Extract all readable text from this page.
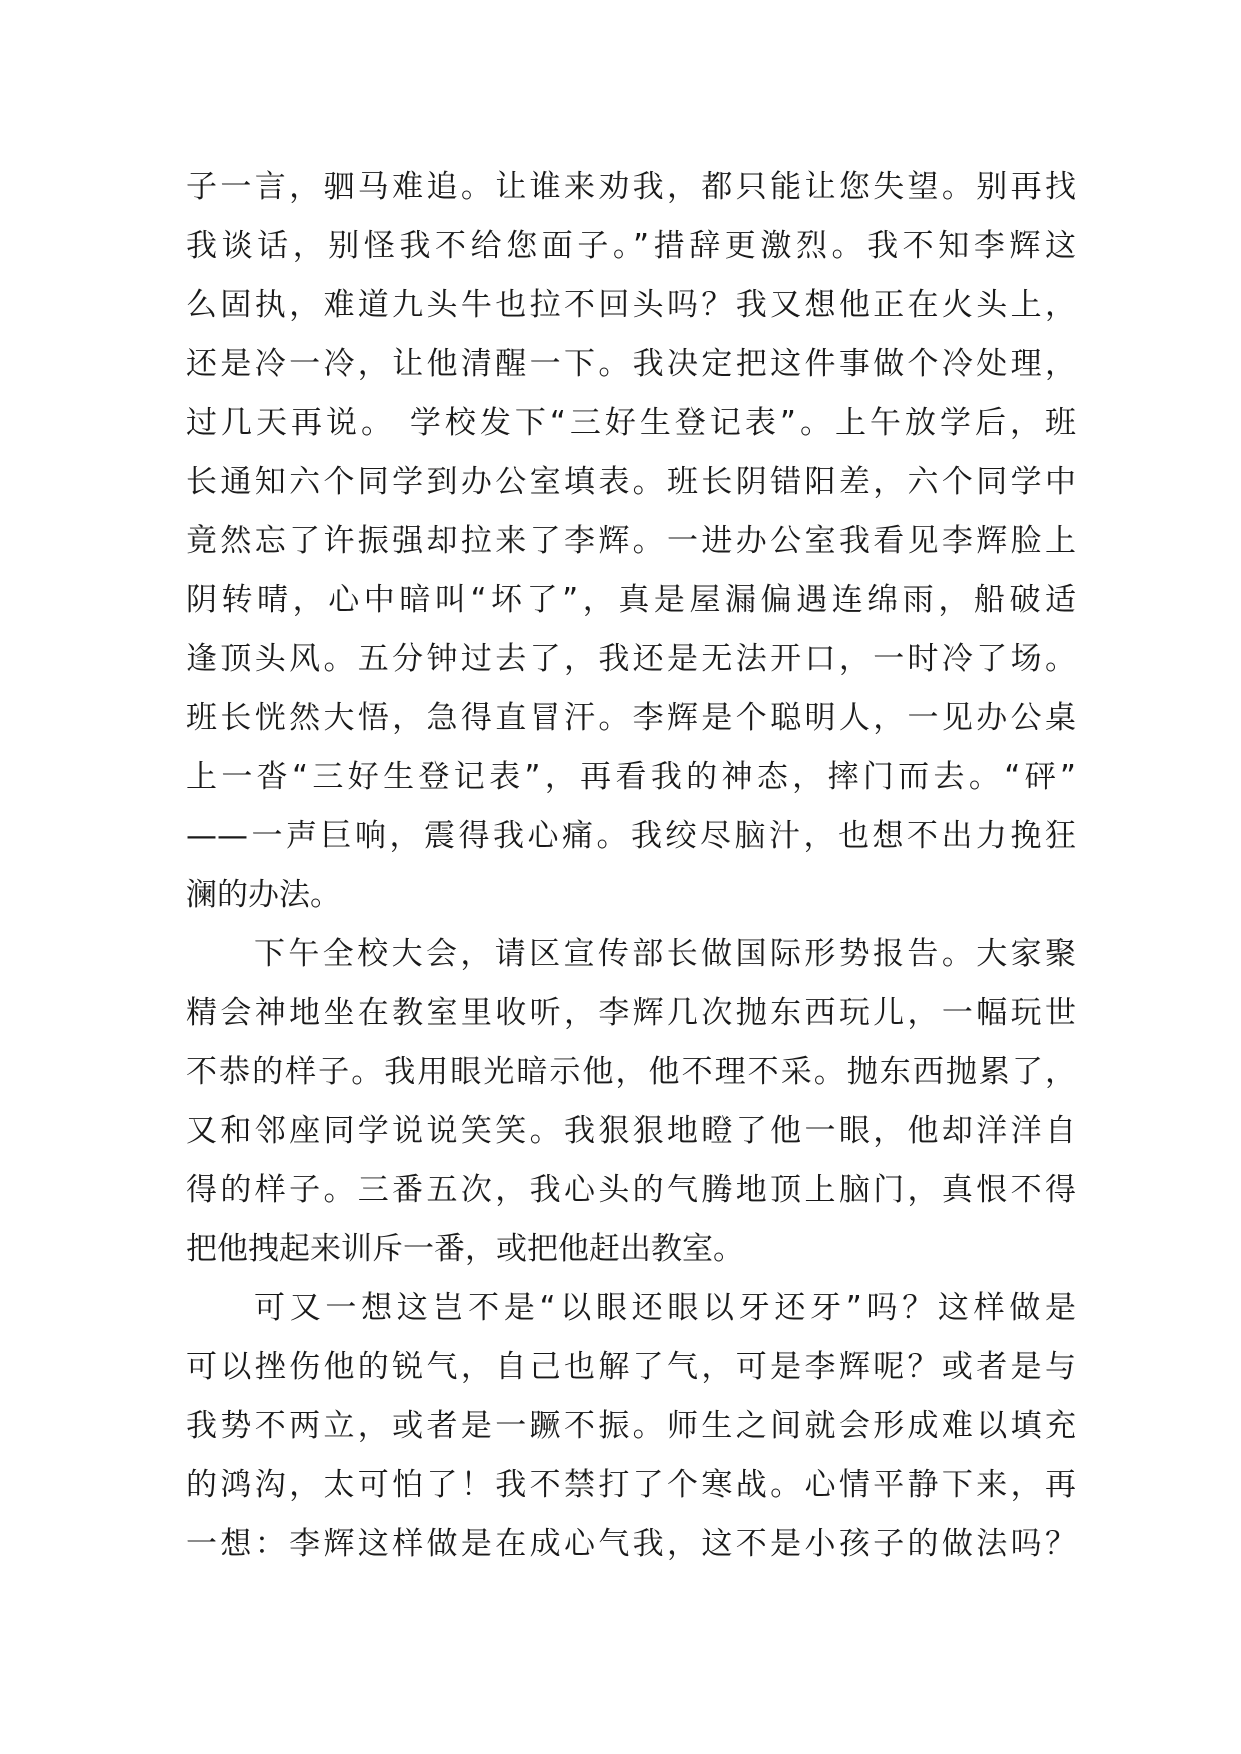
子一言，驷马难追。让谁来劝我，都只能让您失望。别再找
我谈话，别怪我不给您面子。”措辞更激烈。我不知李辉这
么固执，难道九头牛也拉不回头吗？我又想他正在火头上，
还是冷一冷，让他清醒一下。我决定把这件事做个冷处理，
过几天再说。 学校发下“三好生登记表”。上午放学后，班
长通知六个同学到办公室填表。班长阴错阳差，六个同学中
竟然忘了许振强却拉来了李辉。一进办公室我看见李辉脸上
阴转晴，心中暗叫“坏了”，真是屋漏偏遇连绵雨，船破适
逢顶头风。五分钟过去了，我还是无法开口，一时冷了场。
班长恍然大悟，急得直冒汗。李辉是个聪明人，一见办公桌
上一沓“三好生登记表”，再看我的神态，摔门而去。“砰”
——一声巨响，震得我心痛。我绞尽脑汁，也想不出力挽狂
澜的办法。
下午全校大会，请区宣传部长做国际形势报告。大家聚
精会神地坐在教室里收听，李辉几次抛东西玩儿，一幅玩世
不恭的样子。我用眼光暗示他，他不理不采。抛东西抛累了，
又和邻座同学说说笑笑。我狠狠地瞪了他一眼，他却洋洋自
得的样子。三番五次，我心头的气腾地顶上脑门，真恨不得
把他拽起来训斥一番，或把他赶出教室。
可又一想这岂不是“以眼还眼以牙还牙”吗？这样做是
可以挫伤他的锐气，自己也解了气，可是李辉呢？或者是与
我势不两立，或者是一蹶不振。师生之间就会形成难以填充
的鸿沟，太可怕了！我不禁打了个寒战。心情平静下来，再
一想：李辉这样做是在成心气我，这不是小孩子的做法吗？
